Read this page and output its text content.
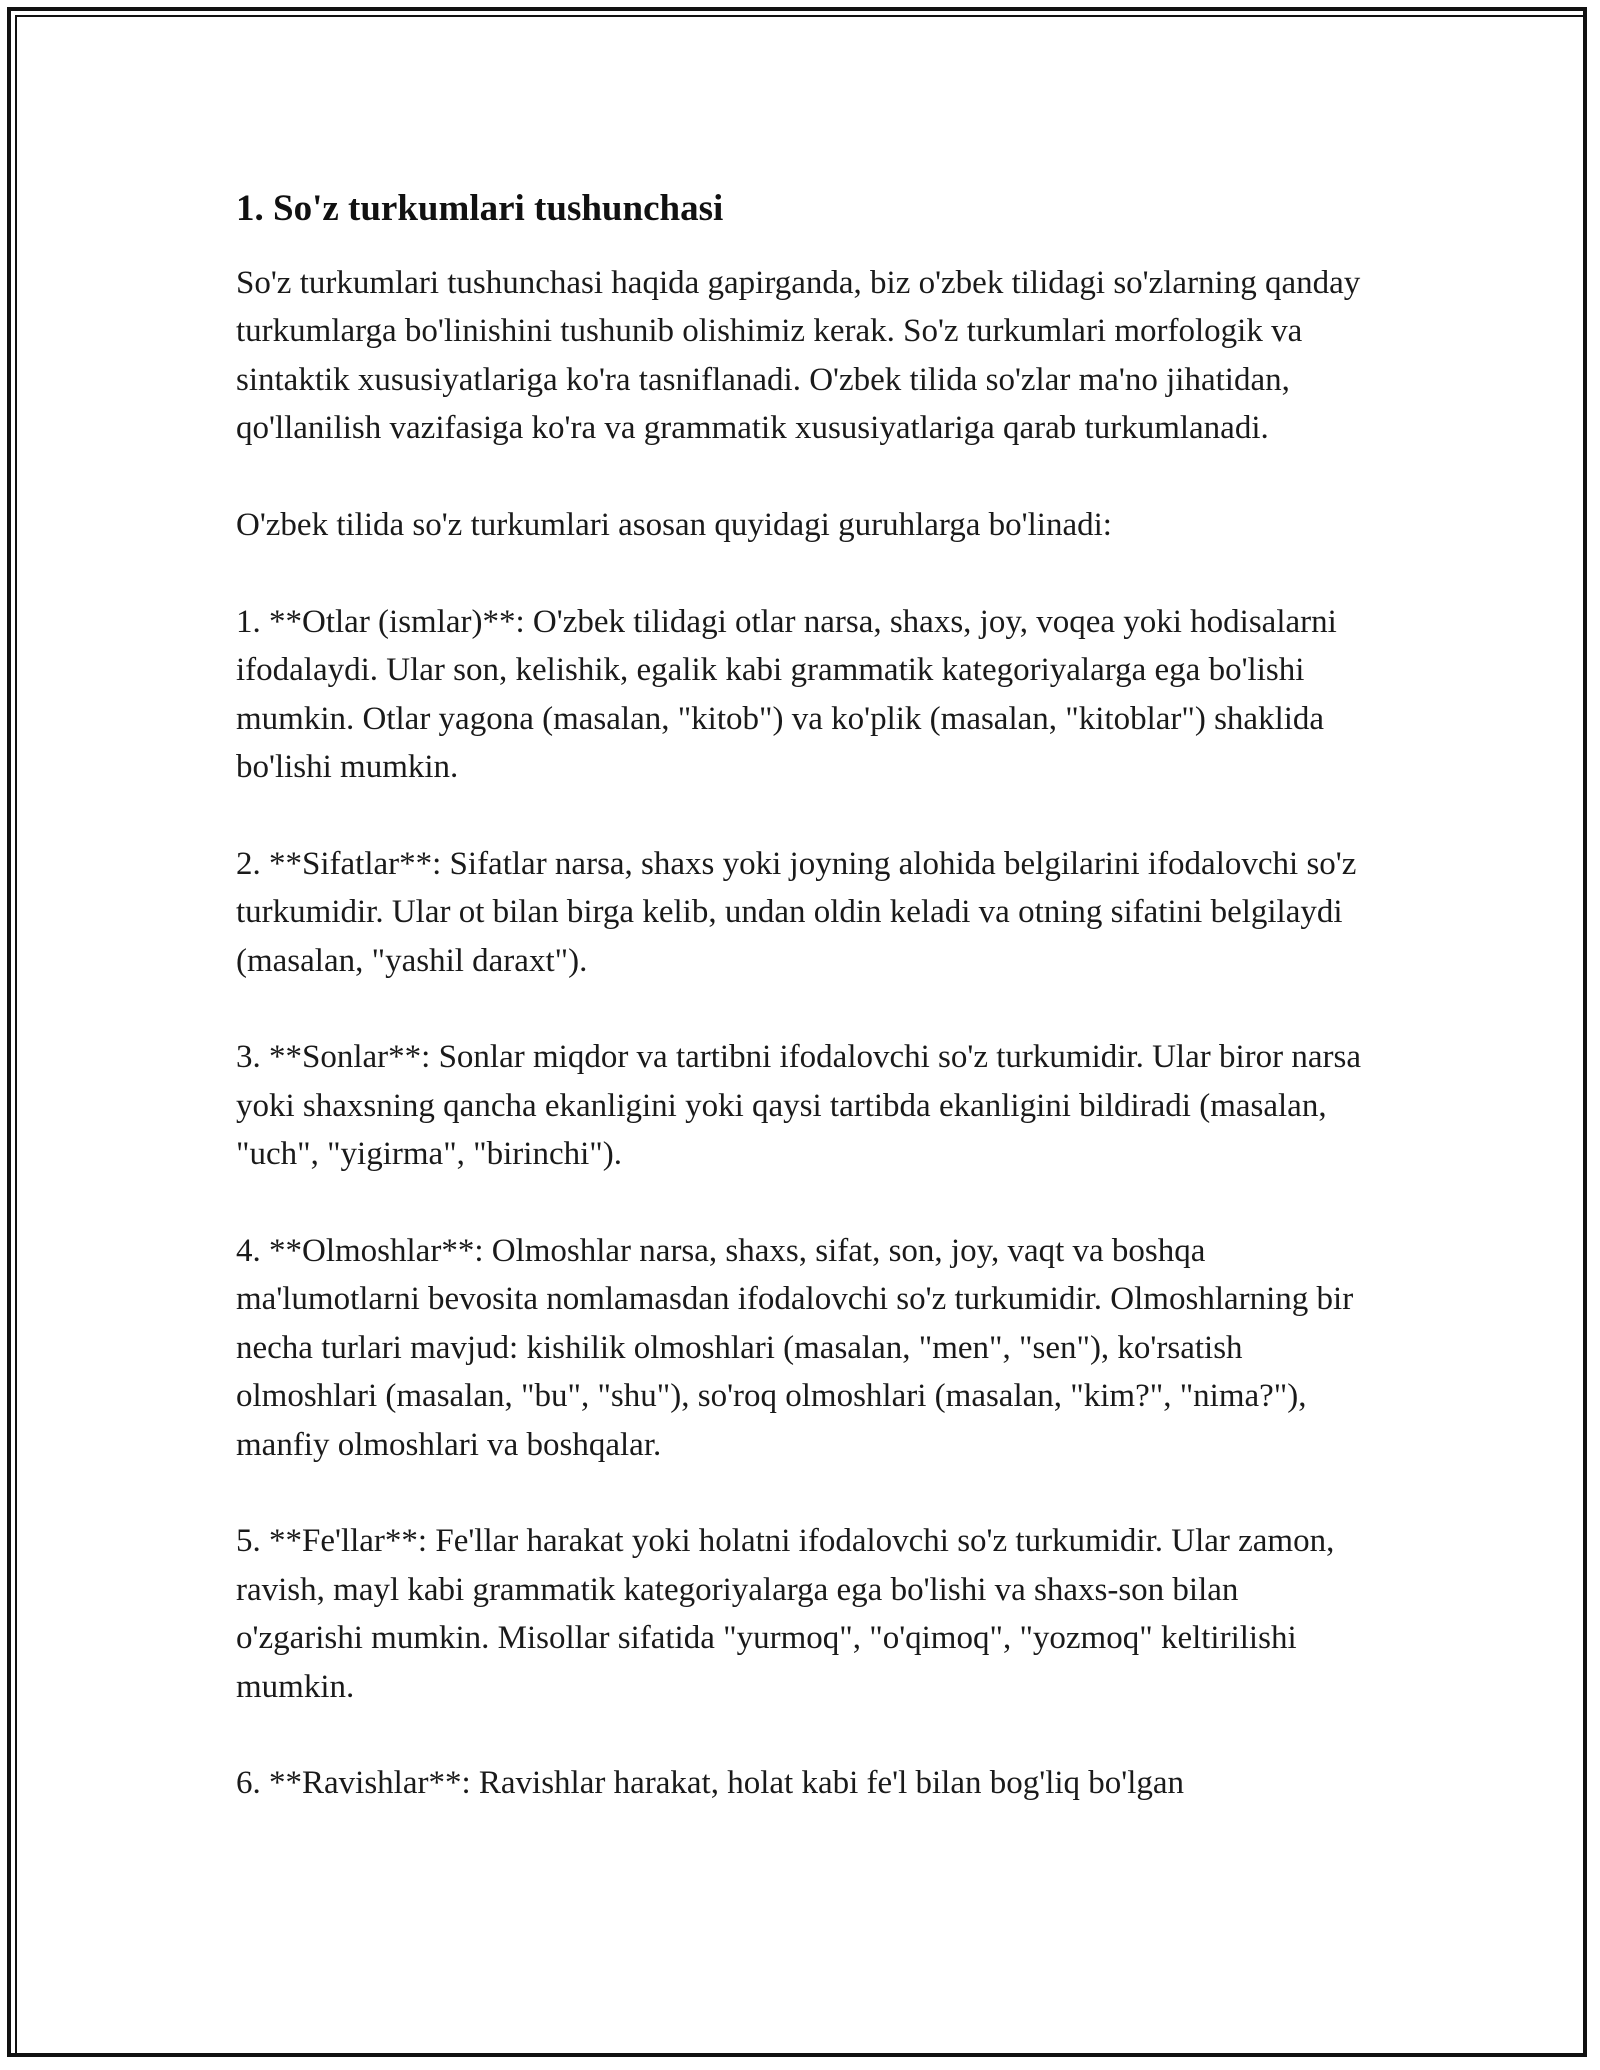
1. So'z turkumlari tushunchasi

So'z turkumlari tushunchasi haqida gapirganda, biz o'zbek tilidagi so'zlarning qanday turkumlarga bo'linishini tushunib olishimiz kerak. So'z turkumlari morfologik va sintaktik xususiyatlariga ko'ra tasniflanadi. O'zbek tilida so'zlar ma'no jihatidan, qo'llanilish vazifasiga ko'ra va grammatik xususiyatlariga qarab turkumlanadi.

O'zbek tilida so'z turkumlari asosan quyidagi guruhlarga bo'linadi:

1. **Otlar (ismlar)**: O'zbek tilidagi otlar narsa, shaxs, joy, voqea yoki hodisalarni ifodalaydi. Ular son, kelishik, egalik kabi grammatik kategoriyalarga ega bo'lishi mumkin. Otlar yagona (masalan, "kitob") va ko'plik (masalan, "kitoblar") shaklida bo'lishi mumkin.

2. **Sifatlar**: Sifatlar narsa, shaxs yoki joyning alohida belgilarini ifodalovchi so'z turkumidir. Ular ot bilan birga kelib, undan oldin keladi va otning sifatini belgilaydi (masalan, "yashil daraxt").

3. **Sonlar**: Sonlar miqdor va tartibni ifodalovchi so'z turkumidir. Ular biror narsa yoki shaxsning qancha ekanligini yoki qaysi tartibda ekanligini bildiradi (masalan, "uch", "yigirma", "birinchi").

4. **Olmoshlar**: Olmoshlar narsa, shaxs, sifat, son, joy, vaqt va boshqa ma'lumotlarni bevosita nomlamasdan ifodalovchi so'z turkumidir. Olmoshlarning bir necha turlari mavjud: kishilik olmoshlari (masalan, "men", "sen"), ko'rsatish olmoshlari (masalan, "bu", "shu"), so'roq olmoshlari (masalan, "kim?", "nima?"), manfiy olmoshlari va boshqalar.

5. **Fe'llar**: Fe'llar harakat yoki holatni ifodalovchi so'z turkumidir. Ular zamon, ravish, mayl kabi grammatik kategoriyalarga ega bo'lishi va shaxs-son bilan o'zgarishi mumkin. Misollar sifatida "yurmoq", "o'qimoq", "yozmoq" keltirilishi mumkin.

6. **Ravishlar**: Ravishlar harakat, holat kabi fe'l bilan bog'liq bo'lgan
